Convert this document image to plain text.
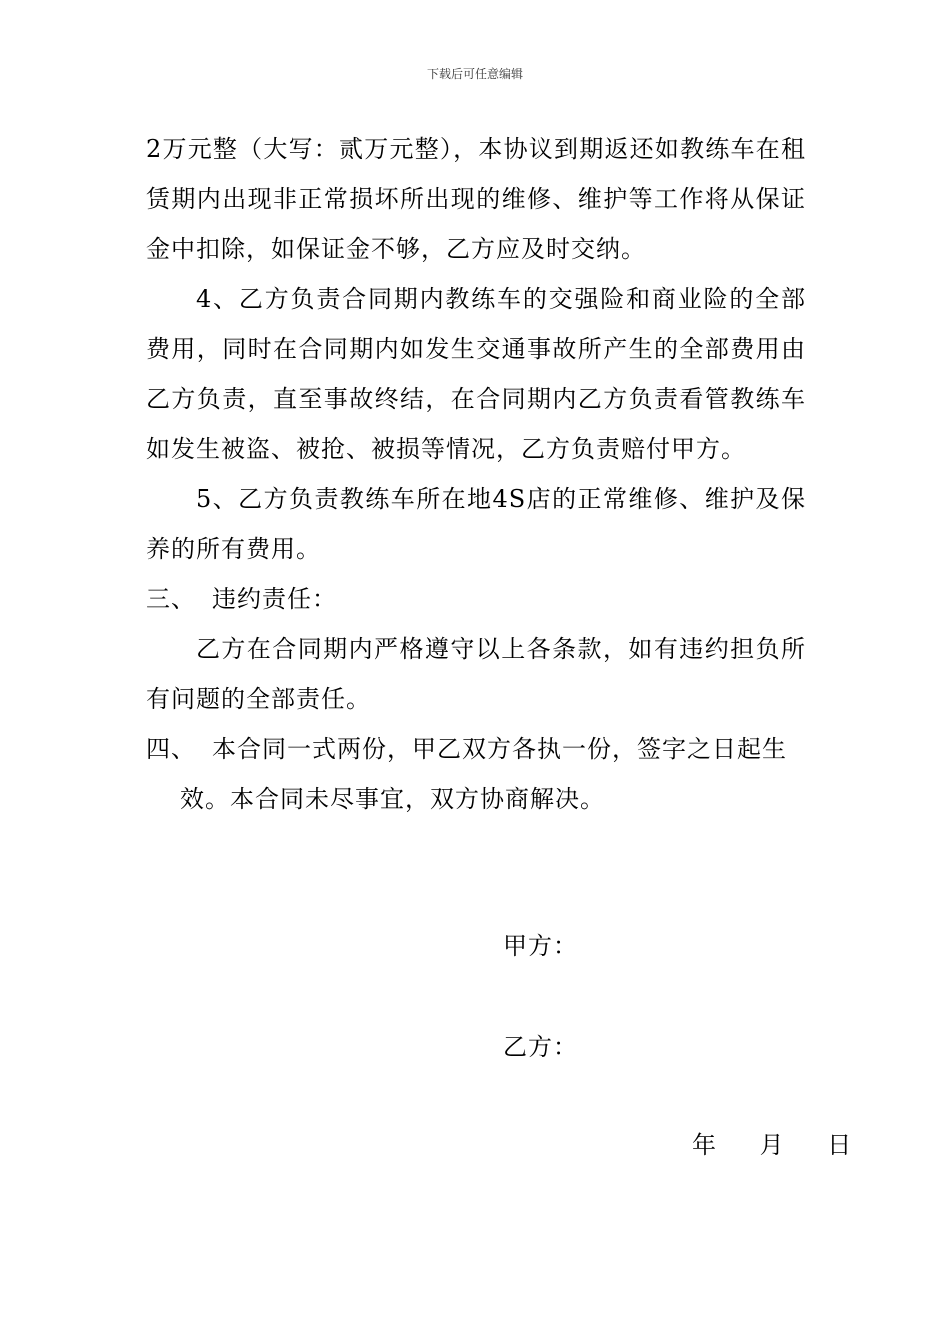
下载后可任意编辑

2万元整（大写：贰万元整），本协议到期返还如教练车在租赁期内出现非正常损坏所出现的维修、维护等工作将从保证金中扣除，如保证金不够，乙方应及时交纳。

4、乙方负责合同期内教练车的交强险和商业险的全部费用，同时在合同期内如发生交通事故所产生的全部费用由乙方负责，直至事故终结，在合同期内乙方负责看管教练车如发生被盗、被抢、被损等情况，乙方负责赔付甲方。

5、乙方负责教练车所在地4S店的正常维修、维护及保养的所有费用。

三、 违约责任：

乙方在合同期内严格遵守以上各条款，如有违约担负所有问题的全部责任。

四、 本合同一式两份，甲乙双方各执一份，签字之日起生
效。本合同未尽事宜，双方协商解决。
甲方：
乙方：
年 月 日
